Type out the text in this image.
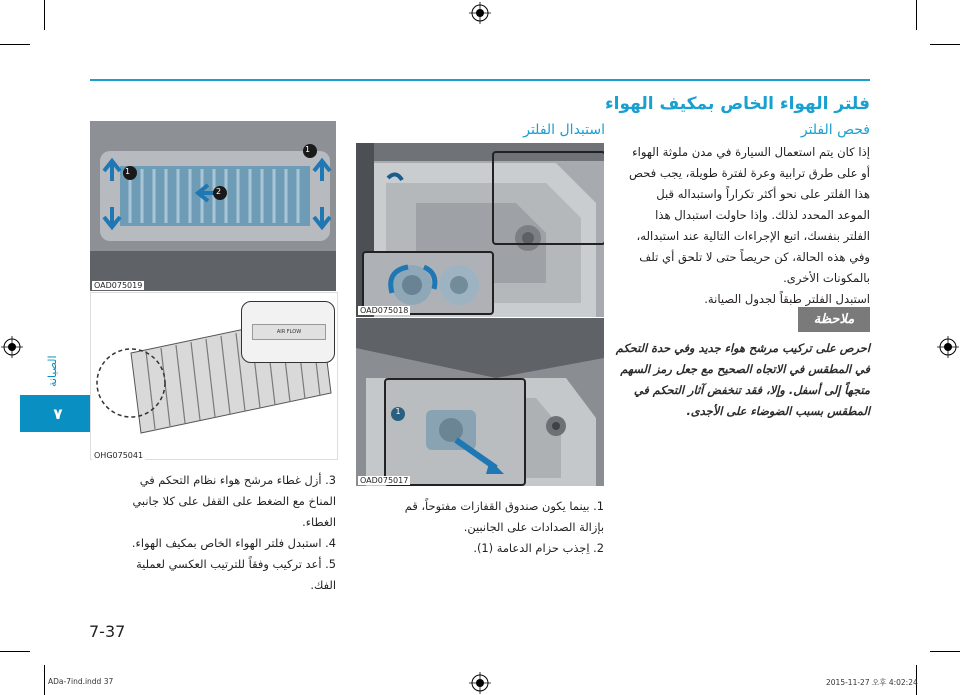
الصيانة
٧
فلتر الهواء الخاص بمكيف الهواء
فحص الفلتر

إذا كان يتم استعمال السيارة في مدن ملوثة الهواء

أو على طرق ترابية وعرة لفترة طويلة، يجب فحص

هذا الفلتر على نحو أكثر تكراراً واستبداله قبل

الموعد المحدد لذلك. وإذا حاولت استبدال هذا

الفلتر بنفسك، اتبع الإجراءات التالية عند استبداله،

وفي هذه الحالة، كن حريصاً حتى لا تلحق أي تلف

بالمكونات الأخرى.

استبدل الفلتر طبقاً لجدول الصيانة.

ملاحظة
احرص على تركيب مرشح هواء جديد وفي حدة التحكم
في المطقس في الاتجاه الصحيح مع جعل رمز السهم
متجهاً إلى أسفل. وإلا، فقد تنخفض آثار التحكم في
المطقس بسبب الضوضاء على الأجدى.
استبدال الفلتر
OAD075018
1
OAD075017
1. بينما يكون صندوق القفازات مفتوحاً، قم
بإزالة الصدادات على الجانبين.
2. اِجذب حزام الدعامة (1).
1
1
2
OAD075019
AIR FLOW
OHG075041
3. أزل غطاء مرشح هواء نظام التحكم في
المناخ مع الضغط على القفل على كلا جانبي
الغطاء.
4. استبدل فلتر الهواء الخاص بمكيف الهواء.
5. أعد تركيب وفقاً للترتيب العكسي لعملية
الفك.
7-37
ADa-7ind.indd 37	2015-11-27 오후 4:02:24
